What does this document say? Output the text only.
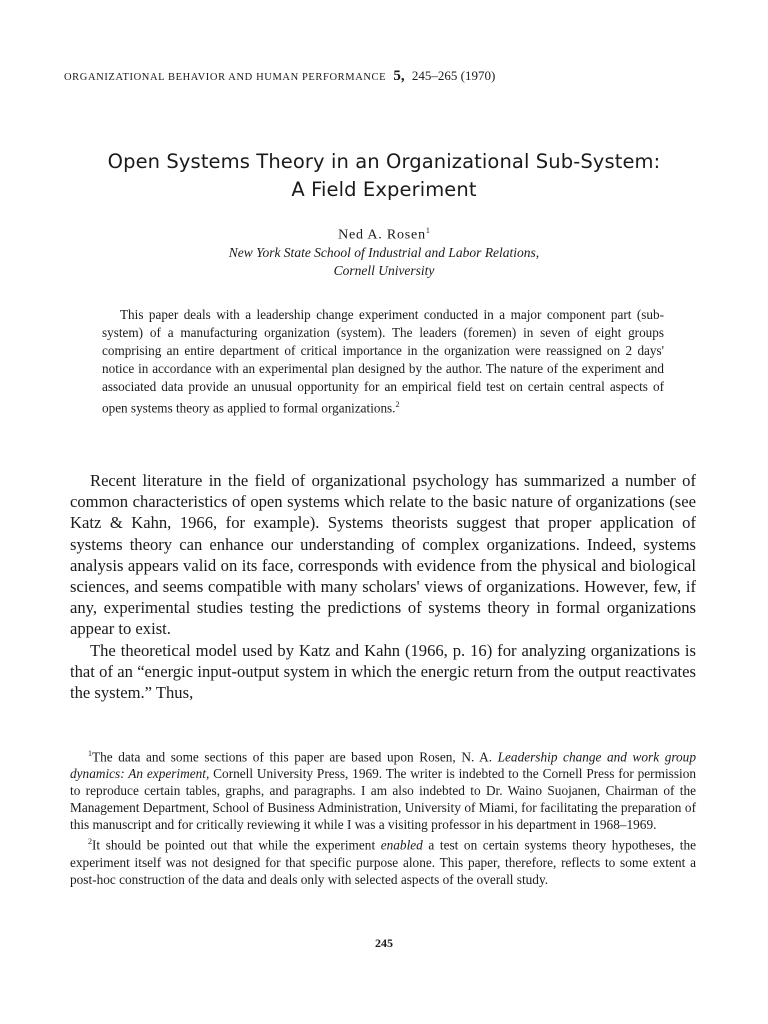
ORGANIZATIONAL BEHAVIOR AND HUMAN PERFORMANCE 5, 245–265 (1970)
Open Systems Theory in an Organizational Sub-System:
A Field Experiment
Ned A. Rosen$^1$
New York State School of Industrial and Labor Relations,
Cornell University

This paper deals with a leadership change experiment conducted in a major component part (sub-system) of a manufacturing organization (system). The leaders (foremen) in seven of eight groups comprising an entire department of critical importance in the organization were reassigned on 2 days' notice in accordance with an experimental plan designed by the author. The nature of the experiment and associated data provide an unusual opportunity for an empirical field test on certain central aspects of open systems theory as applied to formal organizations.$^2$

Recent literature in the field of organizational psychology has summarized a number of common characteristics of open systems which relate to the basic nature of organizations (see Katz & Kahn, 1966, for example). Systems theorists suggest that proper application of systems theory can enhance our understanding of complex organizations. Indeed, systems analysis appears valid on its face, corresponds with evidence from the physical and biological sciences, and seems compatible with many scholars' views of organizations. However, few, if any, experimental studies testing the predictions of systems theory in formal organizations appear to exist.

The theoretical model used by Katz and Kahn (1966, p. 16) for analyzing organizations is that of an “energic input-output system in which the energic return from the output reactivates the system.” Thus,

$^1$The data and some sections of this paper are based upon Rosen, N. A. Leadership change and work group dynamics: An experiment, Cornell University Press, 1969. The writer is indebted to the Cornell Press for permission to reproduce certain tables, graphs, and paragraphs. I am also indebted to Dr. Waino Suojanen, Chairman of the Management Department, School of Business Administration, University of Miami, for facilitating the preparation of this manuscript and for critically reviewing it while I was a visiting professor in his department in 1968–1969.

$^2$It should be pointed out that while the experiment enabled a test on certain systems theory hypotheses, the experiment itself was not designed for that specific purpose alone. This paper, therefore, reflects to some extent a post-hoc construction of the data and deals only with selected aspects of the overall study.

245
